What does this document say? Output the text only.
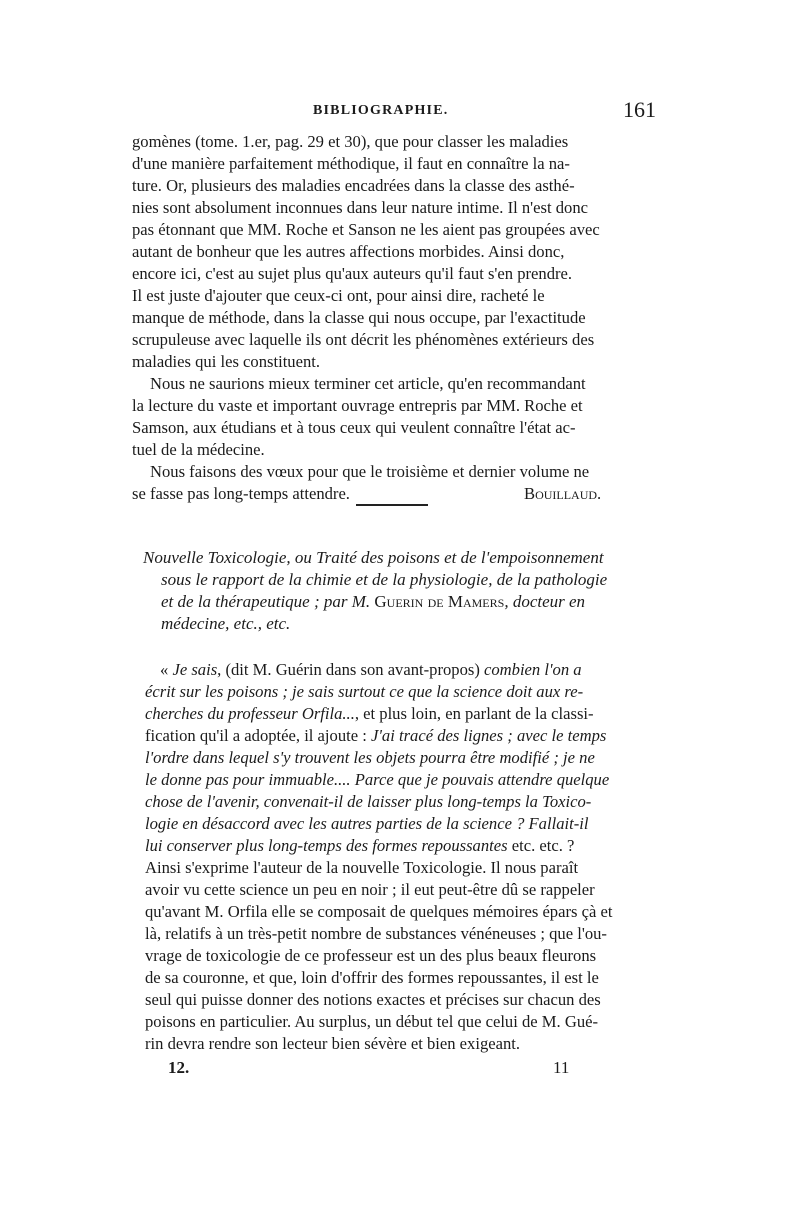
BIBLIOGRAPHIE.	161
gomènes (tome. 1.er, pag. 29 et 30), que pour classer les maladies
d'une manière parfaitement méthodique, il faut en connaître la na-
ture. Or, plusieurs des maladies encadrées dans la classe des asthé-
nies sont absolument inconnues dans leur nature intime. Il n'est donc
pas étonnant que MM. Roche et Sanson ne les aient pas groupées avec
autant de bonheur que les autres affections morbides. Ainsi donc,
encore ici, c'est au sujet plus qu'aux auteurs qu'il faut s'en prendre.
Il est juste d'ajouter que ceux-ci ont, pour ainsi dire, racheté le
manque de méthode, dans la classe qui nous occupe, par l'exactitude
scrupuleuse avec laquelle ils ont décrit les phénomènes extérieurs des
maladies qui les constituent.
Nous ne saurions mieux terminer cet article, qu'en recommandant
la lecture du vaste et important ouvrage entrepris par MM. Roche et
Samson, aux étudians et à tous ceux qui veulent connaître l'état ac-
tuel de la médecine.
Nous faisons des vœux pour que le troisième et dernier volume ne
se fasse pas long-temps attendre.	Bouillaud.
Nouvelle Toxicologie, ou Traité des poisons et de l'empoisonnement
sous le rapport de la chimie et de la physiologie, de la pathologie
et de la thérapeutique ; par M. Guerin de Mamers, docteur en
médecine, etc., etc.
« Je sais, (dit M. Guérin dans son avant-propos) combien l'on a
écrit sur les poisons ; je sais surtout ce que la science doit aux re-
cherches du professeur Orfila..., et plus loin, en parlant de la classi-
fication qu'il a adoptée, il ajoute : J'ai tracé des lignes ; avec le temps
l'ordre dans lequel s'y trouvent les objets pourra être modifié ; je ne
le donne pas pour immuable.... Parce que je pouvais attendre quelque
chose de l'avenir, convenait-il de laisser plus long-temps la Toxico-
logie en désaccord avec les autres parties de la science ? Fallait-il
lui conserver plus long-temps des formes repoussantes etc. etc. ?
Ainsi s'exprime l'auteur de la nouvelle Toxicologie. Il nous paraît
avoir vu cette science un peu en noir ; il eut peut-être dû se rappeler
qu'avant M. Orfila elle se composait de quelques mémoires épars çà et
là, relatifs à un très-petit nombre de substances vénéneuses ; que l'ou-
vrage de toxicologie de ce professeur est un des plus beaux fleurons
de sa couronne, et que, loin d'offrir des formes repoussantes, il est le
seul qui puisse donner des notions exactes et précises sur chacun des
poisons en particulier. Au surplus, un début tel que celui de M. Gué-
rin devra rendre son lecteur bien sévère et bien exigeant.
12.	11
